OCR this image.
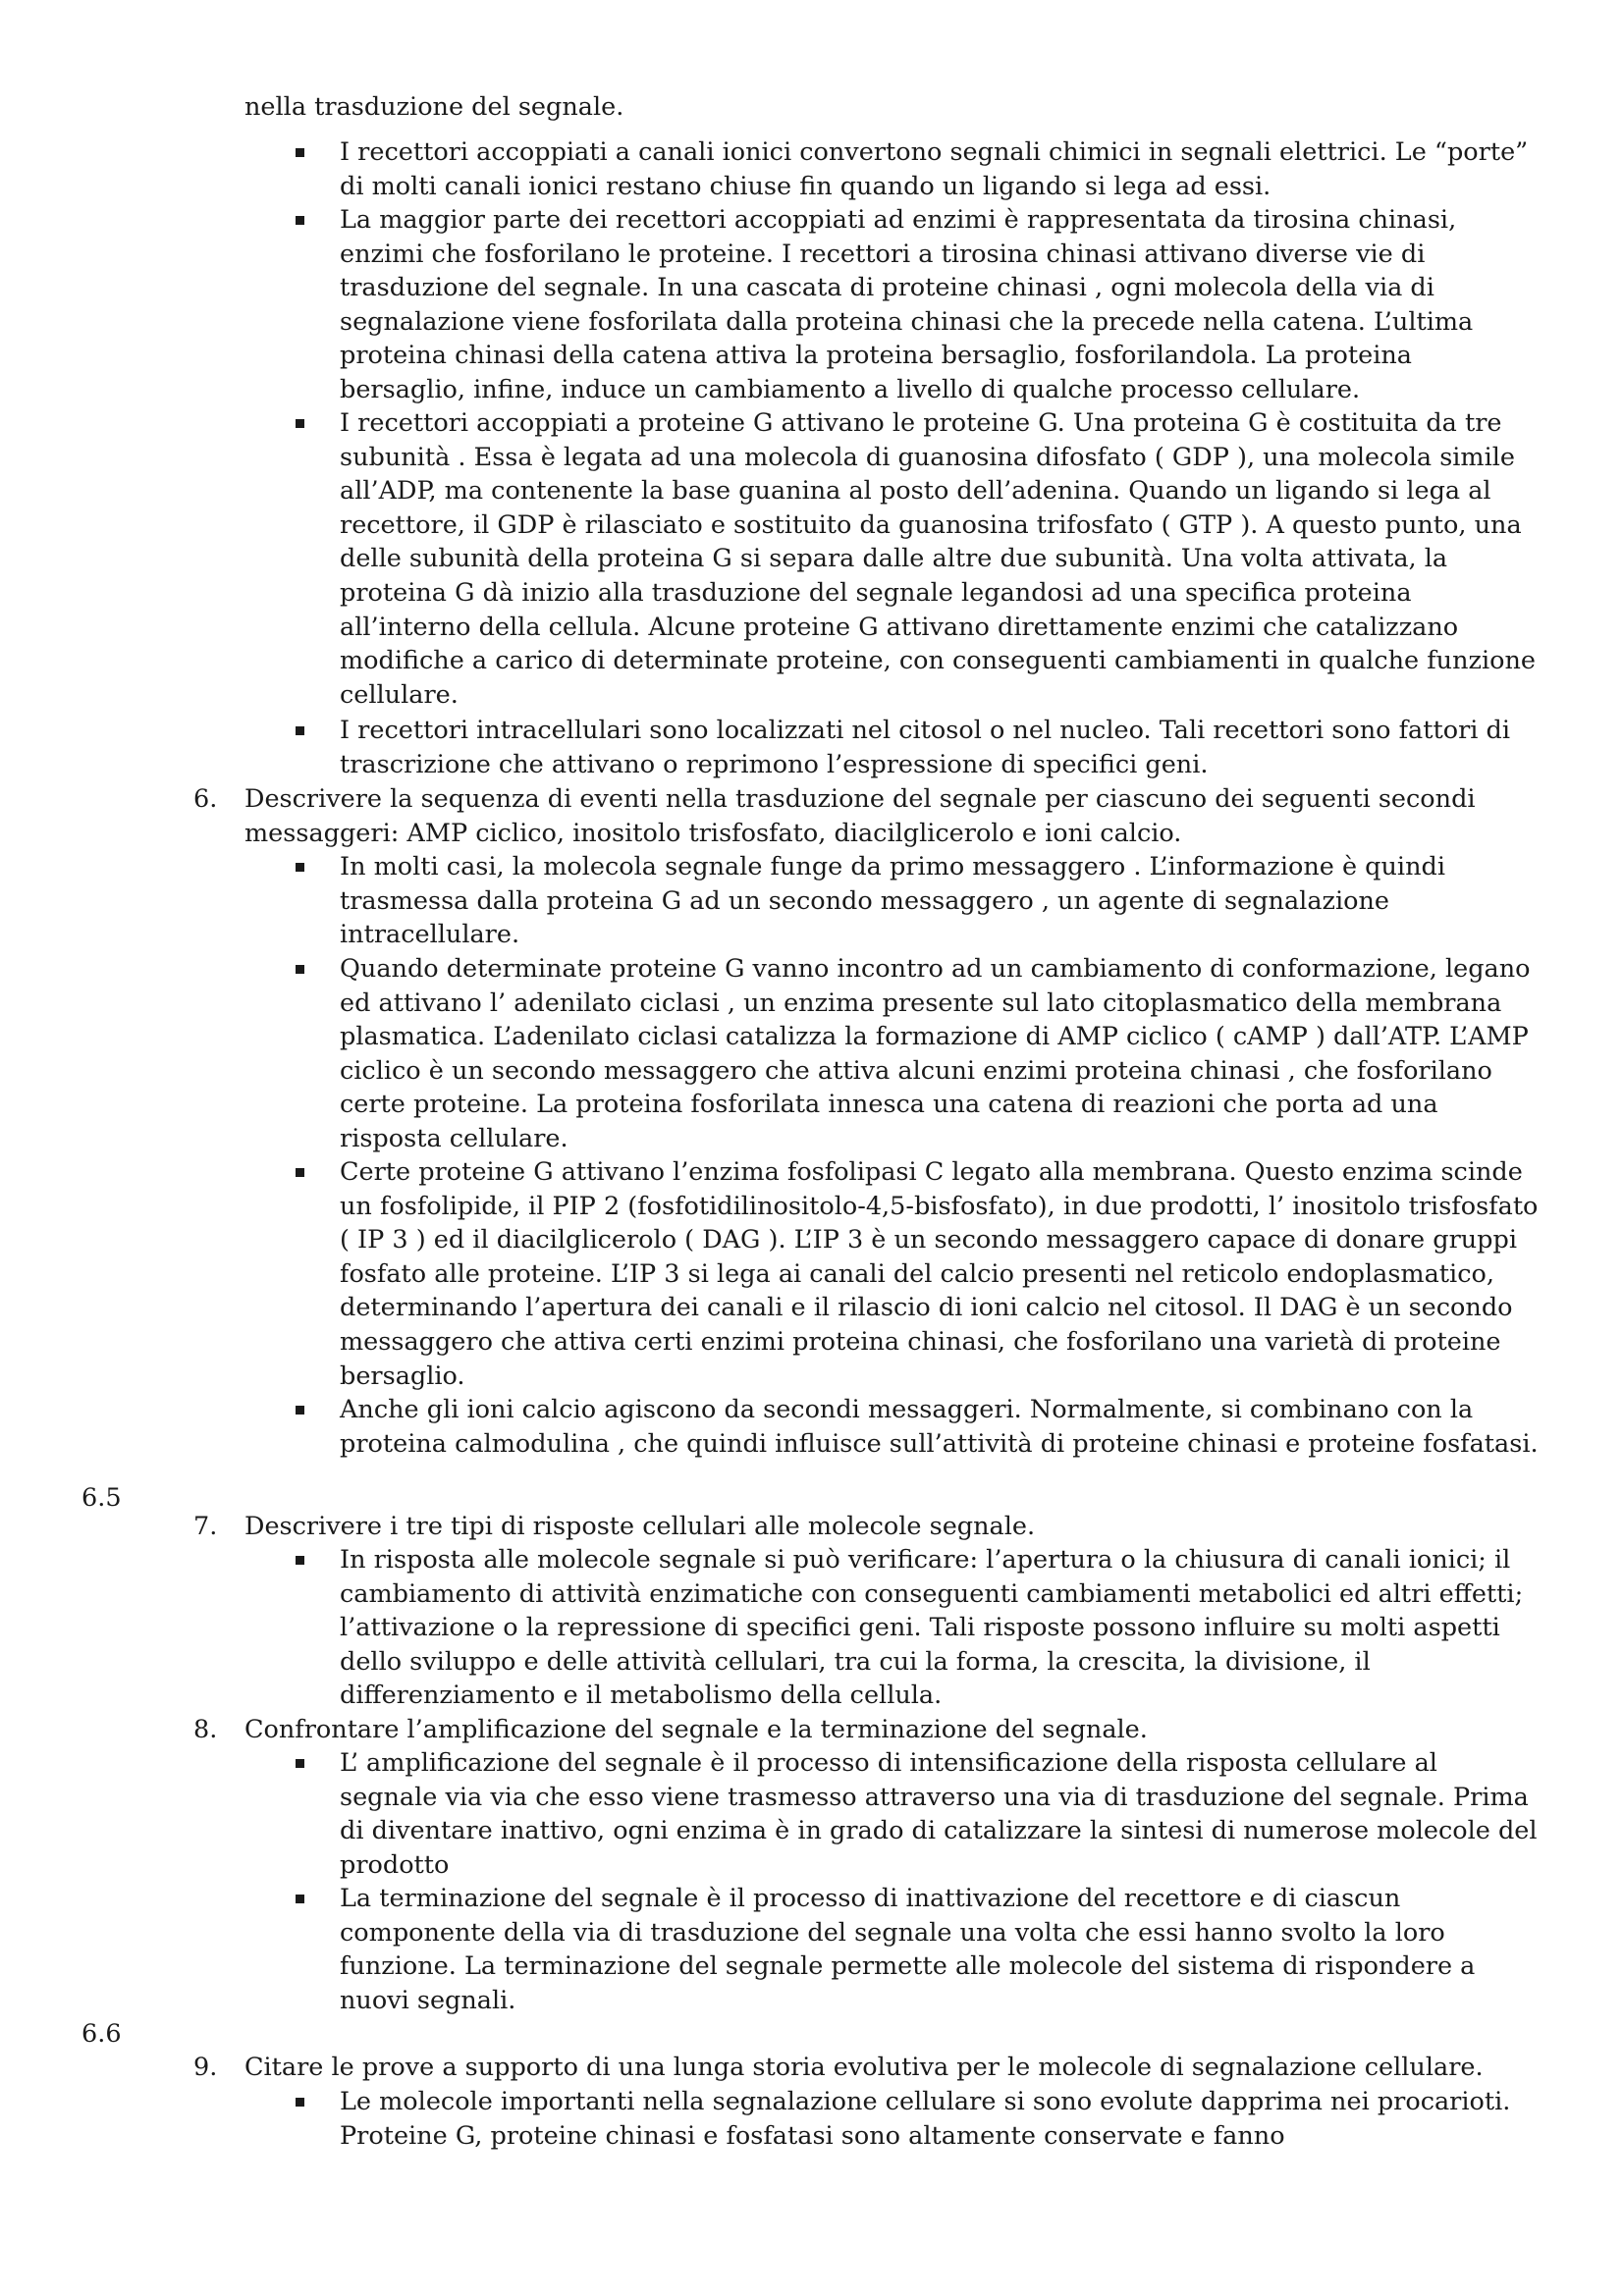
nella trasduzione del segnale.
I recettori accoppiati a canali ionici convertono segnali chimici in segnali elettrici. Le “porte” di molti canali ionici restano chiuse fin quando un ligando si lega ad essi.
La maggior parte dei recettori accoppiati ad enzimi è rappresentata da tirosina chinasi, enzimi che fosforilano le proteine. I recettori a tirosina chinasi attivano diverse vie di trasduzione del segnale. In una cascata di proteine chinasi , ogni molecola della via di segnalazione viene fosforilata dalla proteina chinasi che la precede nella catena. L’ultima proteina chinasi della catena attiva la proteina bersaglio, fosforilandola. La proteina bersaglio, infine, induce un cambiamento a livello di qualche processo cellulare.
I recettori accoppiati a proteine G attivano le proteine G. Una proteina G è costituita da tre subunità . Essa è legata ad una molecola di guanosina difosfato ( GDP ), una molecola simile all’ADP, ma contenente la base guanina al posto dell’adenina. Quando un ligando si lega al recettore, il GDP è rilasciato e sostituito da guanosina trifosfato ( GTP ). A questo punto, una delle subunità della proteina G si separa dalle altre due subunità. Una volta attivata, la proteina G dà inizio alla trasduzione del segnale legandosi ad una specifica proteina all’interno della cellula. Alcune proteine G attivano direttamente enzimi che catalizzano modifiche a carico di determinate proteine, con conseguenti cambiamenti in qualche funzione cellulare.
I recettori intracellulari sono localizzati nel citosol o nel nucleo. Tali recettori sono fattori di trascrizione che attivano o reprimono l’espressione di specifici geni.
6. Descrivere la sequenza di eventi nella trasduzione del segnale per ciascuno dei seguenti secondi messaggeri: AMP ciclico, inositolo trisfosfato, diacilglicerolo e ioni calcio.
In molti casi, la molecola segnale funge da primo messaggero . L’informazione è quindi trasmessa dalla proteina G ad un secondo messaggero , un agente di segnalazione intracellulare.
Quando determinate proteine G vanno incontro ad un cambiamento di conformazione, legano ed attivano l’ adenilato ciclasi , un enzima presente sul lato citoplasmatico della membrana plasmatica. L’adenilato ciclasi catalizza la formazione di AMP ciclico ( cAMP ) dall’ATP. L’AMP ciclico è un secondo messaggero che attiva alcuni enzimi proteina chinasi , che fosforilano certe proteine. La proteina fosforilata innesca una catena di reazioni che porta ad una risposta cellulare.
Certe proteine G attivano l’enzima fosfolipasi C legato alla membrana. Questo enzima scinde un fosfolipide, il PIP 2 (fosfotidilinositolo-4,5-bisfosfato), in due prodotti, l’ inositolo trisfosfato ( IP 3 ) ed il diacilglicerolo ( DAG ). L’IP 3 è un secondo messaggero capace di donare gruppi fosfato alle proteine. L’IP 3 si lega ai canali del calcio presenti nel reticolo endoplasmatico, determinando l’apertura dei canali e il rilascio di ioni calcio nel citosol. Il DAG è un secondo messaggero che attiva certi enzimi proteina chinasi, che fosforilano una varietà di proteine bersaglio.
Anche gli ioni calcio agiscono da secondi messaggeri. Normalmente, si combinano con la proteina calmodulina , che quindi influisce sull’attività di proteine chinasi e proteine fosfatasi.
6.5
7. Descrivere i tre tipi di risposte cellulari alle molecole segnale.
In risposta alle molecole segnale si può verificare: l’apertura o la chiusura di canali ionici; il cambiamento di attività enzimatiche con conseguenti cambiamenti metabolici ed altri effetti; l’attivazione o la repressione di specifici geni. Tali risposte possono influire su molti aspetti dello sviluppo e delle attività cellulari, tra cui la forma, la crescita, la divisione, il differenziamento e il metabolismo della cellula.
8. Confrontare l’amplificazione del segnale e la terminazione del segnale.
L’ amplificazione del segnale è il processo di intensificazione della risposta cellulare al segnale via via che esso viene trasmesso attraverso una via di trasduzione del segnale. Prima di diventare inattivo, ogni enzima è in grado di catalizzare la sintesi di numerose molecole del prodotto
La terminazione del segnale è il processo di inattivazione del recettore e di ciascun componente della via di trasduzione del segnale una volta che essi hanno svolto la loro funzione. La terminazione del segnale permette alle molecole del sistema di rispondere a nuovi segnali.
6.6
9. Citare le prove a supporto di una lunga storia evolutiva per le molecole di segnalazione cellulare.
Le molecole importanti nella segnalazione cellulare si sono evolute dapprima nei procarioti. Proteine G, proteine chinasi e fosfatasi sono altamente conservate e fanno
